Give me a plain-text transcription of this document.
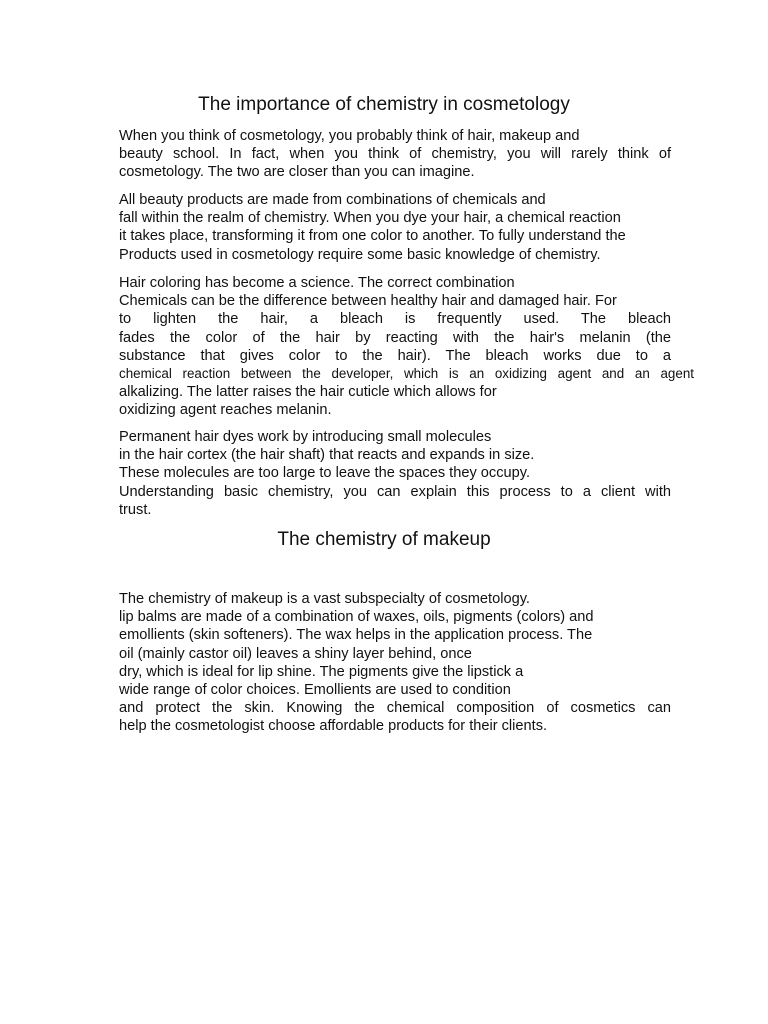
The importance of chemistry in cosmetology
When you think of cosmetology, you probably think of hair, makeup and
beauty school. In fact, when you think of chemistry, you will rarely think of
cosmetology. The two are closer than you can imagine.
All beauty products are made from combinations of chemicals and
fall within the realm of chemistry. When you dye your hair, a chemical reaction
it takes place, transforming it from one color to another. To fully understand the
Products used in cosmetology require some basic knowledge of chemistry.
Hair coloring has become a science. The correct combination
Chemicals can be the difference between healthy hair and damaged hair. For
to lighten the hair, a bleach is frequently used. The bleach
fades the color of the hair by reacting with the hair's melanin (the
substance that gives color to the hair). The bleach works due to a
chemical reaction between the developer, which is an oxidizing agent and an agent
alkalizing. The latter raises the hair cuticle which allows for
oxidizing agent reaches melanin.
Permanent hair dyes work by introducing small molecules
in the hair cortex (the hair shaft) that reacts and expands in size.
These molecules are too large to leave the spaces they occupy.
Understanding basic chemistry, you can explain this process to a client with
trust.
The chemistry of makeup
The chemistry of makeup is a vast subspecialty of cosmetology.
lip balms are made of a combination of waxes, oils, pigments (colors) and
emollients (skin softeners). The wax helps in the application process. The
oil (mainly castor oil) leaves a shiny layer behind, once
dry, which is ideal for lip shine. The pigments give the lipstick a
wide range of color choices. Emollients are used to condition
and protect the skin. Knowing the chemical composition of cosmetics can
help the cosmetologist choose affordable products for their clients.
